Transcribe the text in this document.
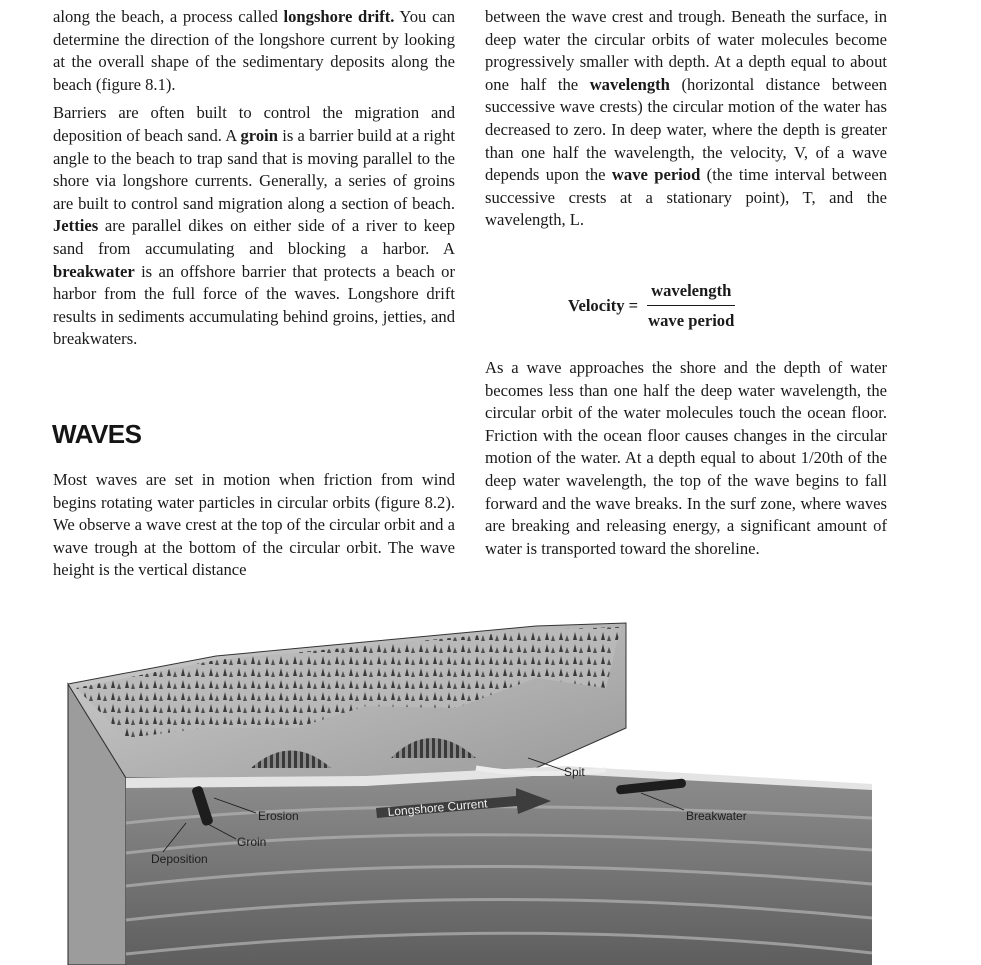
along the beach, a process called longshore drift. You can determine the direction of the longshore current by looking at the overall shape of the sedimentary deposits along the beach (figure 8.1).

Barriers are often built to control the migration and deposition of beach sand. A groin is a barrier build at a right angle to the beach to trap sand that is moving parallel to the shore via longshore currents. Generally, a series of groins are built to control sand migration along a section of beach. Jetties are parallel dikes on either side of a river to keep sand from accumulating and blocking a harbor. A breakwater is an offshore barrier that protects a beach or harbor from the full force of the waves. Longshore drift results in sediments accumulating behind groins, jetties, and breakwaters.

WAVES

Most waves are set in motion when friction from wind begins rotating water particles in circular orbits (figure 8.2). We observe a wave crest at the top of the circular orbit and a wave trough at the bottom of the circular orbit. The wave height is the vertical distance

between the wave crest and trough. Beneath the surface, in deep water the circular orbits of water molecules become progressively smaller with depth. At a depth equal to about one half the wavelength (horizontal distance between successive wave crests) the circular motion of the water has decreased to zero. In deep water, where the depth is greater than one half the wavelength, the velocity, V, of a wave depends upon the wave period (the time interval between successive crests at a stationary point), T, and the wavelength, L.

Velocity = $\frac{\text{wavelength}}{\text{wave period}}$

As a wave approaches the shore and the depth of water becomes less than one half the deep water wavelength, the circular orbit of the water molecules touch the ocean floor. Friction with the ocean floor causes changes in the circular motion of the water. At a depth equal to about 1/20th of the deep water wavelength, the top of the wave begins to fall forward and the wave breaks. In the surf zone, where waves are breaking and releasing energy, a significant amount of water is transported toward the shoreline.

Erosion
Groin
Deposition
Longshore Current
Spit
Breakwater
